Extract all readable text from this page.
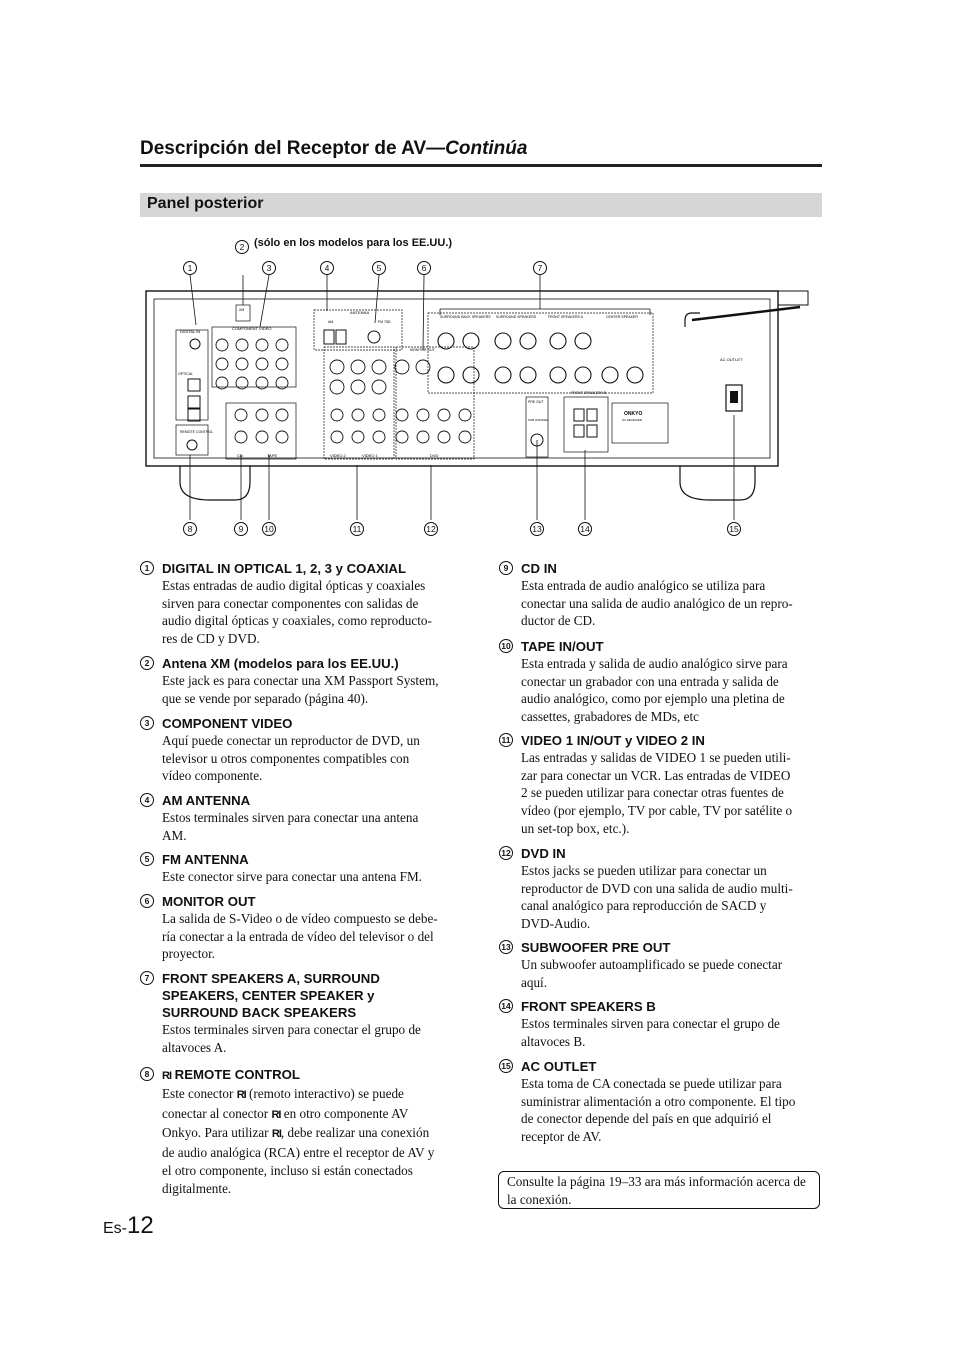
Descripción del Receptor de AV—Continúa
Panel posterior
2 (sólo en los modelos para los EE.UU.)
1	3	4	5	6	7
8	9	10	11	12	13	14	15
DIGITAL IN
OPTICAL
XM
COMPONENT VIDEO
CD	TAPE
ANTENNA
AM	FM 75Ω
MONITOR OUT
VIDEO 2	VIDEO 1	DVD
SURROUND BACK SPEAKERS SURROUND SPEAKERS	FRONT SPEAKERS A	CENTER SPEAKER
PRE OUT
SUB WOOFER
FRONT SPEAKERS B
ONKYO
AV RECEIVER
AC OUTLET
REMOTE CONTROL
1 DIGITAL IN OPTICAL 1, 2, 3 y COAXIAL
Estas entradas de audio digital ópticas y coaxiales sirven para conectar componentes con salidas de audio digital ópticas y coaxiales, como reproducto-res de CD y DVD.
2 Antena XM (modelos para los EE.UU.)
Este jack es para conectar una XM Passport System, que se vende por separado (página 40).
3 COMPONENT VIDEO
Aquí puede conectar un reproductor de DVD, un televisor u otros componentes compatibles con vídeo componente.
4 AM ANTENNA
Estos terminales sirven para conectar una antena AM.
5 FM ANTENNA
Este conector sirve para conectar una antena FM.
6 MONITOR OUT
La salida de S-Video o de vídeo compuesto se debe-ría conectar a la entrada de vídeo del televisor o del proyector.
7 FRONT SPEAKERS A, SURROUND SPEAKERS, CENTER SPEAKER y SURROUND BACK SPEAKERS
Estos terminales sirven para conectar el grupo de altavoces A.
8	RI REMOTE CONTROL
Este conector RI (remoto interactivo) se puede conectar al conector RI en otro componente AV Onkyo. Para utilizar RI, debe realizar una conexión de audio analógica (RCA) entre el receptor de AV y el otro componente, incluso si están conectados digitalmente.
9 CD IN
Esta entrada de audio analógico se utiliza para conectar una salida de audio analógico de un repro-ductor de CD.
10 TAPE IN/OUT
Esta entrada y salida de audio analógico sirve para conectar un grabador con una entrada y salida de audio analógico, como por ejemplo una pletina de cassettes, grabadores de MDs, etc
11 VIDEO 1 IN/OUT y VIDEO 2 IN
Las entradas y salidas de VIDEO 1 se pueden utili-zar para conectar un VCR. Las entradas de VIDEO 2 se pueden utilizar para conectar otras fuentes de vídeo (por ejemplo, TV por cable, TV por satélite o un set-top box, etc.).
12 DVD IN
Estos jacks se pueden utilizar para conectar un reproductor de DVD con una salida de audio multi-canal analógico para reproducción de SACD y DVD-Audio.
13 SUBWOOFER PRE OUT
Un subwoofer autoamplificado se puede conectar aquí.
14 FRONT SPEAKERS B
Estos terminales sirven para conectar el grupo de altavoces B.
15 AC OUTLET
Esta toma de CA conectada se puede utilizar para suministrar alimentación a otro componente. El tipo de conector depende del país en que adquirió el receptor de AV.
Consulte la página 19–33 ara más información acerca de la conexión.
Es-12
